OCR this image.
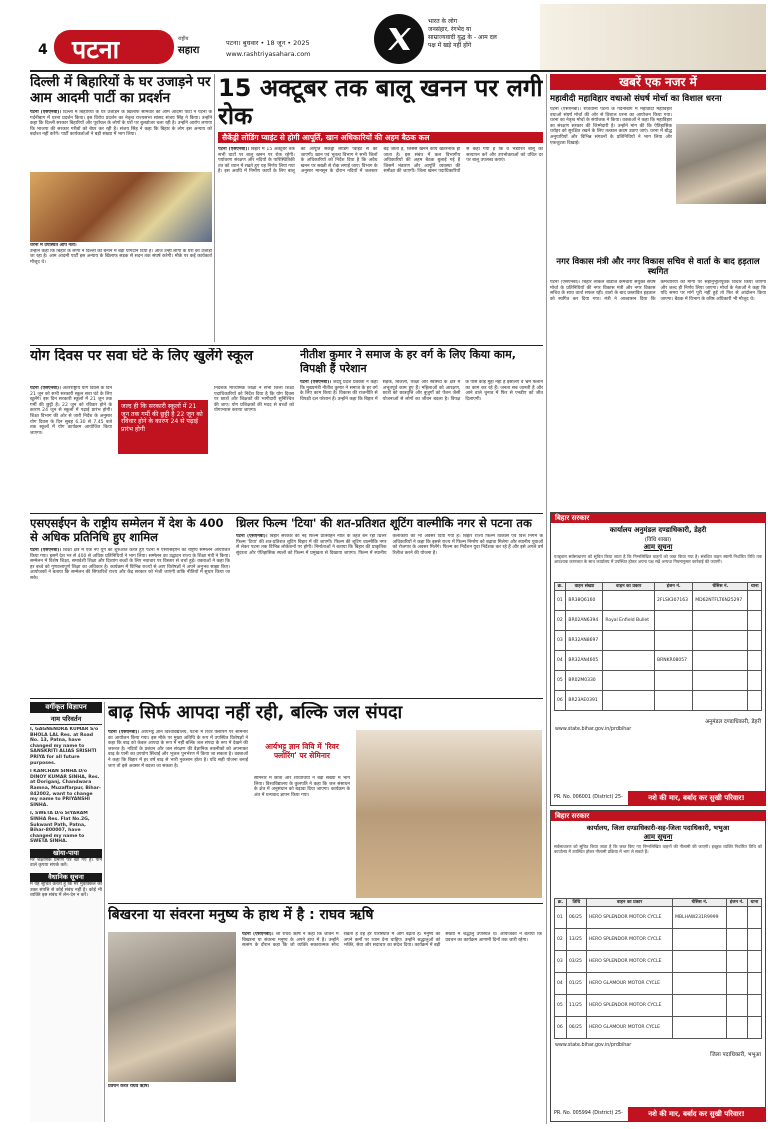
4 पटना	राष्ट्रीय
सहारा
पटना। बुधवार • 18 जून • 2025
www.rashtriyasahara.com
भारत के लोग
जनसंहार, रंगभेद या
साम्राज्यवादी युद्ध के - आम दल
पक्ष में खड़े नहीं होंगे
दिल्ली में बिहारियों के घर उजाड़ने पर आम आदमी पार्टी का प्रदर्शन
पटना (एसएनबी)। दिल्ली में बिहारियों के घर उजाड़ने के खिलाफ सोमवार को आम आदमी पार्टी ने पटना के गर्दनीबाग में धरना प्रदर्शन किया। इस विरोध प्रदर्शन का नेतृत्व राज्यसभा सांसद संजय सिंह ने किया। उन्होंने कहा कि दिल्ली सरकार बिहारियों और पूर्वांचल के लोगों के घरों पर बुलडोजर चला रही है। उन्होंने आरोप लगाया कि भाजपा की सरकार गरीबों को बेघर कर रही है। संजय सिंह ने कहा कि बिहार के लोग इस अन्याय को बर्दाश्त नहीं करेंगे। पार्टी कार्यकर्ताओं ने बड़ी संख्या में भाग लिया।
धरना में उपस्थित आप नेता।
उन्होंने कहा कि बिहार के लोगों ने दिल्ली को बनाने में बड़ा योगदान दिया है। आज उन्हीं लोगों के घरों को उजाड़ा जा रहा है। आम आदमी पार्टी इस अन्याय के खिलाफ सड़क से सदन तक संघर्ष करेगी। मौके पर कई कार्यकर्ता मौजूद थे।
15 अक्टूबर तक बालू खनन पर लगी रोक
सैकेंड्री लोडिंग प्वाइंट से होगी आपूर्ति, खान अधिकारियों की अहम बैठक कल
पटना (एसएनबी)। बिहार में 15 अक्टूबर तक सभी घाटों पर बालू खनन पर रोक रहेगी। पर्यावरण संरक्षण और नदियों के पारिस्थितिकी तंत्र को ध्यान में रखते हुए यह निर्णय लिया गया है। इस अवधि में निर्माण कार्यों के लिए बालू की आपूर्ति सेकेंड्री लोडिंग प्वाइंट से की जाएगी। खान एवं भूतत्व विभाग ने सभी जिलों के अधिकारियों को निर्देश दिया है कि अवैध खनन पर सख्ती से रोक लगाई जाए। विभाग के अनुसार मानसून के दौरान नदियों में जलस्तर बढ़ जाता है, जिससे खनन कार्य खतरनाक हो जाता है। इस संबंध में कल विभागीय अधिकारियों की अहम बैठक बुलाई गई है जिसमें भंडारण और आपूर्ति व्यवस्था की समीक्षा की जाएगी। जिला खनन पदाधिकारियों से कहा गया है कि वे भंडारित बालू का सत्यापन करें और उपभोक्ताओं को उचित दर पर बालू उपलब्ध कराएं।
खबरें एक नजर में
महावीदी महाविहार वधाओ संघर्ष मोर्चा का विशाल धरना
पटना (एसएनबी)। राजधानी पटना के गर्दनीबाग में महावीदी महाविहार वधाओ संघर्ष मोर्चा की ओर से विशाल धरना का आयोजन किया गया। धरना का नेतृत्व मोर्चा के संयोजक ने किया। वक्ताओं ने कहा कि महाविहार का संरक्षण सरकार की जिम्मेदारी है। उन्होंने मांग की कि ऐतिहासिक धरोहर को सुरक्षित रखने के लिए तत्काल कदम उठाए जाएं। धरना में बौद्ध अनुयायियों और विभिन्न संगठनों के प्रतिनिधियों ने भाग लिया और एकजुटता दिखाई।
नगर विकास मंत्री और नगर विकास सचिव से वार्ता के बाद हड़ताल स्थगित
पटना (एसएनबी)। बिहार लोकल बॉडीज कर्मचारी संयुक्त संघर्ष मोर्चा के प्रतिनिधियों की नगर विकास मंत्री और नगर विकास सचिव के साथ वार्ता सफल रही। वार्ता के बाद प्रस्तावित हड़ताल को स्थगित कर दिया गया। मंत्री ने आश्वासन दिया कि कर्मचारियों की मांगों पर सहानुभूतिपूर्वक विचार किया जाएगा और जल्द ही निर्णय लिया जाएगा। मोर्चा के नेताओं ने कहा कि यदि समय पर मांगें पूरी नहीं हुईं तो फिर से आंदोलन किया जाएगा। बैठक में विभाग के वरिष्ठ अधिकारी भी मौजूद थे।
योग दिवस पर सवा घंटे के लिए खुलेंगे स्कूल
पटना (एसएनबी)। अंतरराष्ट्रीय योग दिवस के दिन 21 जून को सभी सरकारी स्कूल सवा घंटे के लिए खुलेंगे। इस दिन सरकारी स्कूलों में 21 जून तक गर्मी की छुट्टी है। 22 जून को रविवार होने के कारण 24 जून से स्कूलों में पढ़ाई प्रारंभ होगी। शिक्षा विभाग की ओर से जारी निर्देश के अनुसार योग दिवस के दिन सुबह 6.30 से 7.45 बजे तक स्कूलों में योग कार्यक्रम आयोजित किया जाएगा।
जल्द ही कि सरकारी स्कूलों में 21 जून तक गर्मी की छुट्टी है 22 जून को रविवार होने के कारण 24 से पढ़ाई प्रारंभ होगी
निदेशक माध्यमिक शिक्षा ने सभी जिला शिक्षा पदाधिकारियों को निर्देश दिया है कि योग दिवस पर छात्रों और शिक्षकों की भागीदारी सुनिश्चित की जाए। योग प्रशिक्षकों की मदद से बच्चों को योगाभ्यास कराया जाएगा।
नीतीश कुमार ने समाज के हर वर्ग के लिए किया काम, विपक्षी हैं परेशान
पटना (एसएनबी)। जदयू प्रदेश प्रवक्ता ने कहा कि मुख्यमंत्री नीतीश कुमार ने समाज के हर वर्ग के लिए काम किया है। विकास की राजनीति से विपक्षी दल परेशान हैं। उन्होंने कहा कि बिहार में सड़क, बिजली, शिक्षा और स्वास्थ्य के क्षेत्र में अभूतपूर्व काम हुए हैं। महिलाओं को आरक्षण, छात्रों को छात्रवृत्ति और बुजुर्गों को पेंशन जैसी योजनाओं से लोगों का जीवन बदला है। विपक्ष के पास कोई मुद्दा नहीं है इसलिए वे भ्रम फैलाने का काम कर रहे हैं। जनता सब जानती है और आने वाले चुनाव में फिर से एनडीए को जीत दिलाएगी।
एसएसईएन के राष्ट्रीय सम्मेलन में देश के 400 से अधिक प्रतिनिधि हुए शामिल
पटना (एसएनबी)। शिक्षा क्षेत्र में एक नए युग की शुरुआत करते हुए पटना में एसएसईएन का राष्ट्रीय सम्मेलन आयोजित किया गया। इसमें देश भर से 400 से अधिक प्रतिनिधियों ने भाग लिया। सम्मेलन का उद्घाटन राज्य के शिक्षा मंत्री ने किया। सम्मेलन में विशेष शिक्षा, समावेशी शिक्षा और दिव्यांग बच्चों के लिए नवाचार पर विस्तार से चर्चा हुई। वक्ताओं ने कहा कि हर बच्चे को गुणवत्तापूर्ण शिक्षा का अधिकार है। कार्यक्रम में विभिन्न राज्यों से आए विशेषज्ञों ने अपने अनुभव साझा किए। आयोजकों ने बताया कि सम्मेलन की सिफारिशें राज्य और केंद्र सरकार को भेजी जाएंगी ताकि नीतियों में सुधार किया जा सके।
थ्रिलर फिल्म 'टिया' की शत-प्रतिशत शूटिंग वाल्मीकि नगर से पटना तक
पटना (एसएनबी)। बिहार सरकार की नई फिल्म प्रोत्साहन नीति के तहत बन रही थ्रिलर फिल्म 'टिया' की शत-प्रतिशत शूटिंग बिहार में की जाएगी। फिल्म की शूटिंग वाल्मीकि नगर से लेकर पटना तक विभिन्न लोकेशनों पर होगी। निर्माताओं ने बताया कि बिहार की प्राकृतिक सुंदरता और ऐतिहासिक स्थलों को फिल्म में प्रमुखता से दिखाया जाएगा। फिल्म में स्थानीय कलाकारों को भी अवसर दिया गया है। बिहार राज्य फिल्म विकास एवं वित्त निगम के अधिकारियों ने कहा कि इससे राज्य में फिल्म निर्माण को बढ़ावा मिलेगा और स्थानीय युवाओं को रोजगार के अवसर मिलेंगे। फिल्म का निर्देशन युवा निर्देशक कर रहे हैं और इसे अगले वर्ष रिलीज करने की योजना है।
वर्गीकृत विज्ञापन
नाम परिवर्तन
I, GAGNENDRA KUMAR S/o BHOLA LAL Res. at Road No. 13, Patna, have changed my name to SANSKRITI ALIAS SRISHTI PRIYA for all future purposes.
I KANCHAN SINHA D/o DINOY KUMAR SINHA, Res. at Doriganj, Chandwara Ramna, Muzaffarpur, Bihar-842002, want to change my name to PRIYANSHI SINHA.
I, SWETA D/o SIYARAM SINHA Res. Flat No.2G, Sukwant Path, Patna, Bihar-800007, have changed my name to SWETA SINHA.
खोया-पाया
मेरे शैक्षणिक प्रमाण पत्र खो गए हैं। पाने वाले कृपया संपर्क करें।
वैधानिक सूचना
मैं यह सूचित करता हूं कि मेरे मुवक्किल का उक्त संपत्ति से कोई संबंध नहीं है। कोई भी व्यक्ति इस संबंध में लेन-देन न करें।
बाढ़ सिर्फ आपदा नहीं रही, बल्कि जल संपदा
पटना (एसएनबी)। आर्यभट्ट ज्ञान विश्वविद्यालय, पटना में रिवर फ्लोरिंग पर सेमिनार का आयोजन किया गया। इस मौके पर मुख्य अतिथि के रूप में उपस्थित विशेषज्ञों ने कहा कि बाढ़ को केवल आपदा के रूप में नहीं बल्कि जल संपदा के रूप में देखने की जरूरत है। नदियों के प्रबंधन और जल संरक्षण की वैज्ञानिक तकनीकों को अपनाकर बाढ़ के पानी का उपयोग सिंचाई और भूजल पुनर्भरण में किया जा सकता है। वक्ताओं ने कहा कि बिहार में हर वर्ष बाढ़ से भारी नुकसान होता है। यदि सही योजना बनाई जाए तो इसे अवसर में बदला जा सकता है।
आर्यभट्ट ज्ञान विवि में 'रिवर फ्लोरिंग' पर सेमिनार
सेमिनार में छात्रों और शोधार्थियों ने बड़ी संख्या में भाग लिया। विश्वविद्यालय के कुलपति ने कहा कि जल संसाधन के क्षेत्र में अनुसंधान को बढ़ावा दिया जाएगा। कार्यक्रम के अंत में धन्यवाद ज्ञापन किया गया।
बिखरना या संवरना मनुष्य के हाथ में है : राघव ऋषि
प्रवचन करते राघव ऋषि।
पटना (एसएनबी)। श्री राघव ऋषि ने कहा कि जीवन में बिखरना या संवरना मनुष्य के अपने हाथ में है। उन्होंने सत्संग के दौरान कहा कि जो व्यक्ति सकारात्मक सोच रखता है वह हर परिस्थिति में आगे बढ़ता है। मनुष्य को अपने कर्मों पर ध्यान देना चाहिए। उन्होंने श्रद्धालुओं को भक्ति, सेवा और सदाचार का संदेश दिया। कार्यक्रम में बड़ी संख्या में श्रद्धालु उपस्थित थे। आयोजकों ने बताया कि प्रवचन का कार्यक्रम आगामी दिनों तक जारी रहेगा।
बिहार सरकार
कार्यालय अनुमंडल दण्डाधिकारी, डेहरी
(विधि शाखा)
आम सूचना
एतद्द्वारा सर्वसाधारण को सूचित किया जाता है कि निम्नलिखित वाहनों को जब्त किया गया है। संबंधित वाहन स्वामी निर्धारित तिथि तक आवश्यक कागजात के साथ कार्यालय में उपस्थित होकर अपना पक्ष रखें अन्यथा नियमानुसार कार्रवाई की जाएगी।
क्र.	वाहन संख्या	वाहन का प्रकार	इंजन नं.	चेसिस नं.	थाना
01	BR38Q6160		2FLSK307163	MD62NTFLT6N25297	
02	BR02AN6394	Royal Enfield Bullet			
03	BR32AN8697				
04	BR32AN4605		BRNKR08057		
05	BR02M0330				
06	BR23AE0391				
अनुमंडल दण्डाधिकारी, डेहरी
www.state.bihar.gov.in/prdbihar
PR. No. 006001 (District) 25-	नशे की मार, बर्बाद कर सुखी परिवार!
बिहार सरकार
कार्यालय, जिला दण्डाधिकारी-सह-जिला पदाधिकारी, भभुआ
आम सूचना
सर्वसाधारण को सूचित किया जाता है कि जब्त किए गए निम्नलिखित वाहनों की नीलामी की जाएगी। इच्छुक व्यक्ति निर्धारित तिथि को कार्यालय में उपस्थित होकर नीलामी प्रक्रिया में भाग ले सकते हैं।
क्र.	तिथि	वाहन का प्रकार	चेसिस नं.	इंजन नं.	थाना
01	06/25	HERO SPLENDOR MOTOR CYCLE	MBLHAW231R9999		
02	13/25	HERO SPLENDOR MOTOR CYCLE			
03	03/25	HERO SPLENDOR MOTOR CYCLE			
04	01/25	HERO GLAMOUR MOTOR CYCLE			
05	11/25	HERO SPLENDOR MOTOR CYCLE			
06	06/25	HERO GLAMOUR MOTOR CYCLE			
www.state.bihar.gov.in/prdbihar
जिला पदाधिकारी, भभुआ
PR. No. 005994 (District) 25-	नशे की मार, बर्बाद कर सुखी परिवार!
